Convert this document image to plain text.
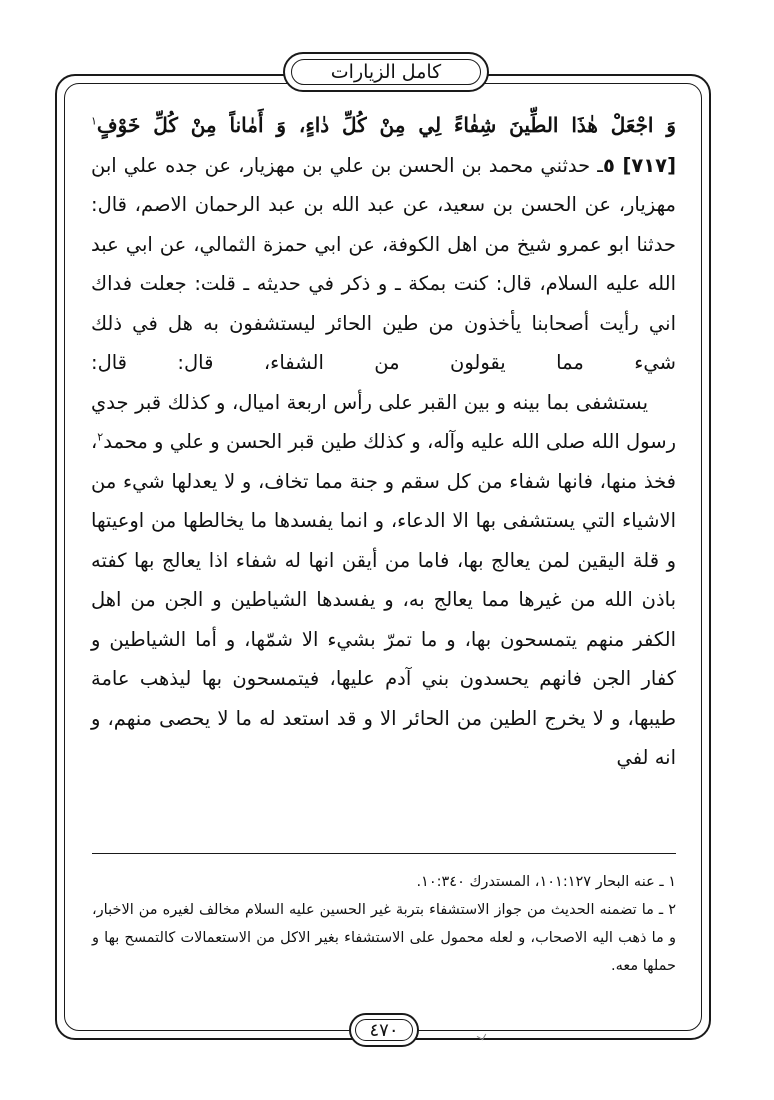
كامل الزيارات

وَ اجْعَلْ هٰذَا الطِّينَ شِفٰاءً لِي مِنْ كُلِّ دٰاءٍ، وَ أَمٰاناً مِنْ كُلِّ خَوْفٍ$^١$

[٧١٧] ٥ـ حدثني محمد بن الحسن بن علي بن مهزيار، عن جده علي ابن مهزيار، عن الحسن بن سعيد، عن عبد الله بن عبد الرحمان الاصم، قال: حدثنا ابو عمرو شيخ من اهل الكوفة، عن ابي حمزة الثمالي، عن ابي عبد الله عليه السلام، قال: كنت بمكة ـ و ذكر في حديثه ـ قلت: جعلت فداك اني رأيت أصحابنا يأخذون من طين الحائر ليستشفون به هل في ذلك شيء مما يقولون من الشفاء، قال: قال:

يستشفى بما بينه و بين القبر على رأس اربعة اميال، و كذلك قبر جدي رسول الله صلى الله عليه وآله، و كذلك طين قبر الحسن و علي و محمد$^٢$، فخذ منها، فانها شفاء من كل سقم و جنة مما تخاف، و لا يعدلها شيء من الاشياء التي يستشفى بها الا الدعاء، و انما يفسدها ما يخالطها من اوعيتها و قلة اليقين لمن يعالج بها، فاما من أيقن انها له شفاء اذا يعالج بها كفته باذن الله من غيرها مما يعالج به، و يفسدها الشياطين و الجن من اهل الكفر منهم يتمسحون بها، و ما تمرّ بشيء الا شمّها، و أما الشياطين و كفار الجن فانهم يحسدون بني آدم عليها، فيتمسحون بها ليذهب عامة طيبها، و لا يخرج الطين من الحائر الا و قد استعد له ما لا يحصى منهم، و انه لفي

١ ـ عنه البحار ١٠١:١٢٧، المستدرك ١٠:٣٤٠.

٢ ـ ما تضمنه الحديث من جواز الاستشفاء بتربة غير الحسين عليه السلام مخالف لغيره من الاخبار، و ما ذهب اليه الاصحاب، و لعله محمول على الاستشفاء بغير الاكل من الاستعمالات كالتمسح بها و حملها معه.

٤٧٠
